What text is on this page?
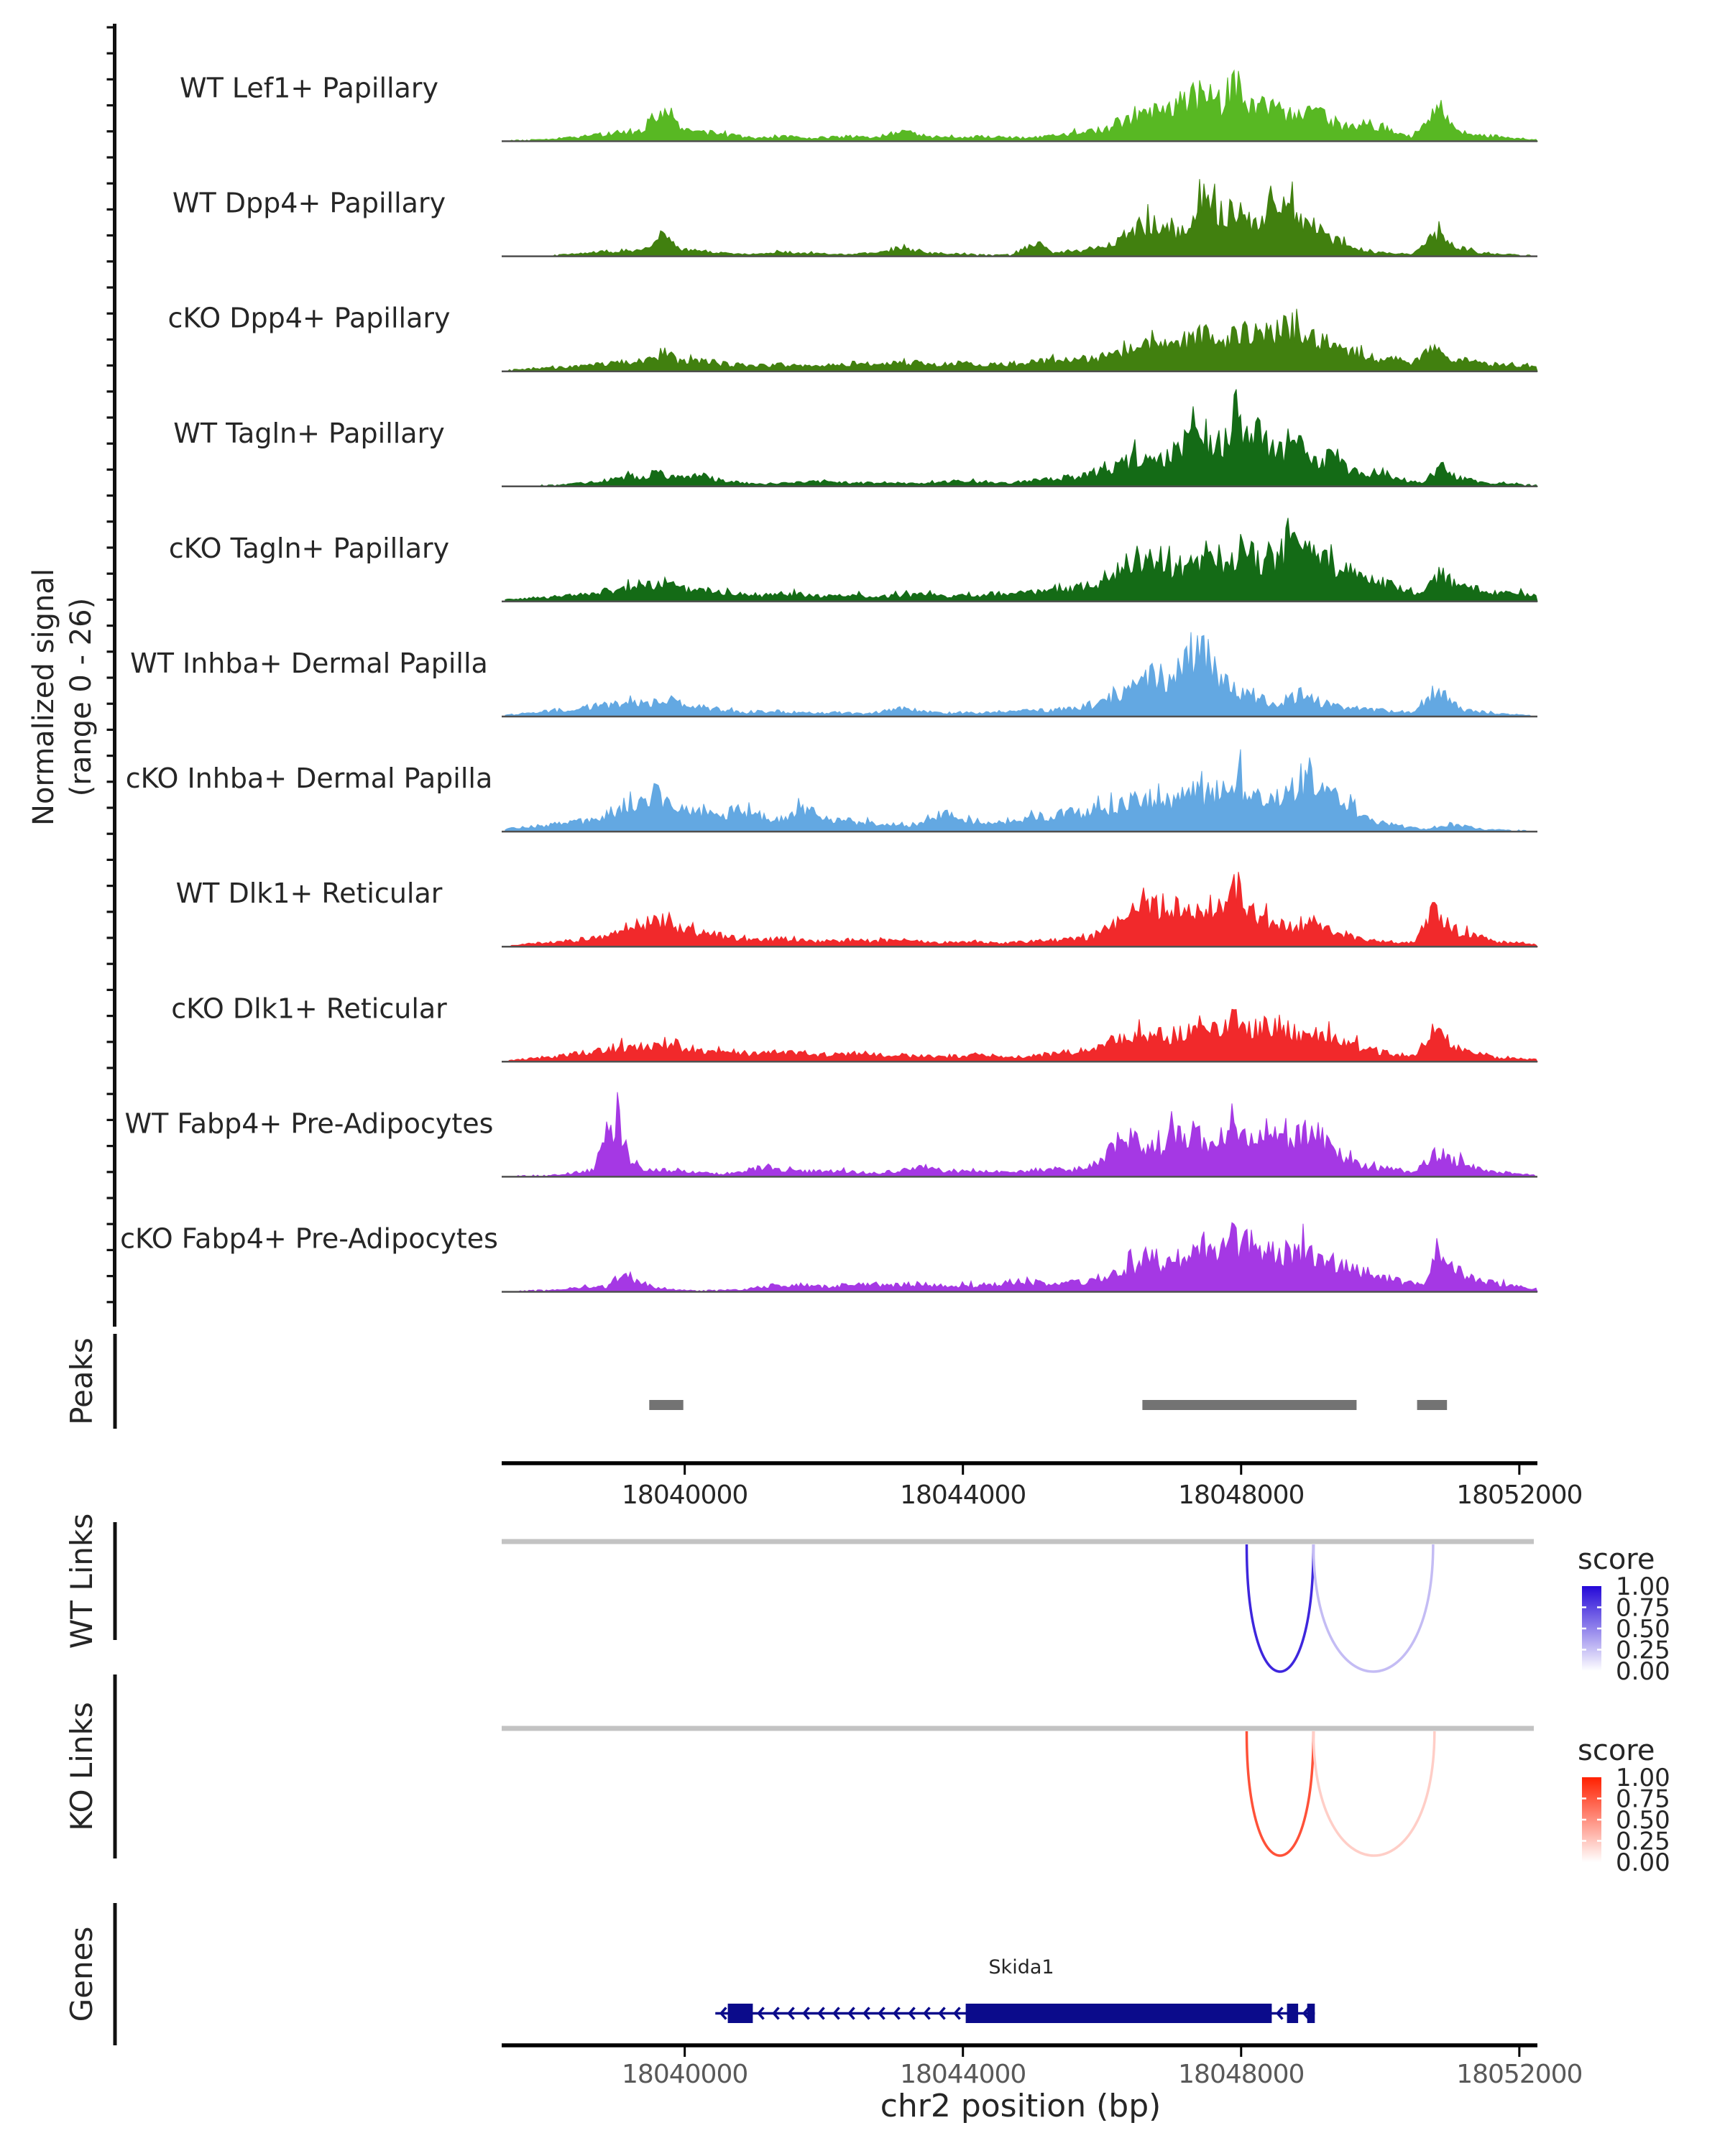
Normalized signal (range 0 - 26)
Peaks
WT Links
KO Links
Genes
WT Lef1+ Papillary
WT Dpp4+ Papillary
cKO Dpp4+ Papillary
WT Tagln+ Papillary
cKO Tagln+ Papillary
WT Inhba+ Dermal Papilla
cKO Inhba+ Dermal Papilla
WT Dlk1+ Reticular
cKO Dlk1+ Reticular
WT Fabp4+ Pre-Adipocytes
cKO Fabp4+ Pre-Adipocytes
18040000	18044000	18048000	18052000
score
1.00
0.75
0.50
0.25
0.00
score
1.00
0.75
0.50
0.25
0.00
Skida1
18040000	18044000	18048000	18052000
chr2 position (bp)
